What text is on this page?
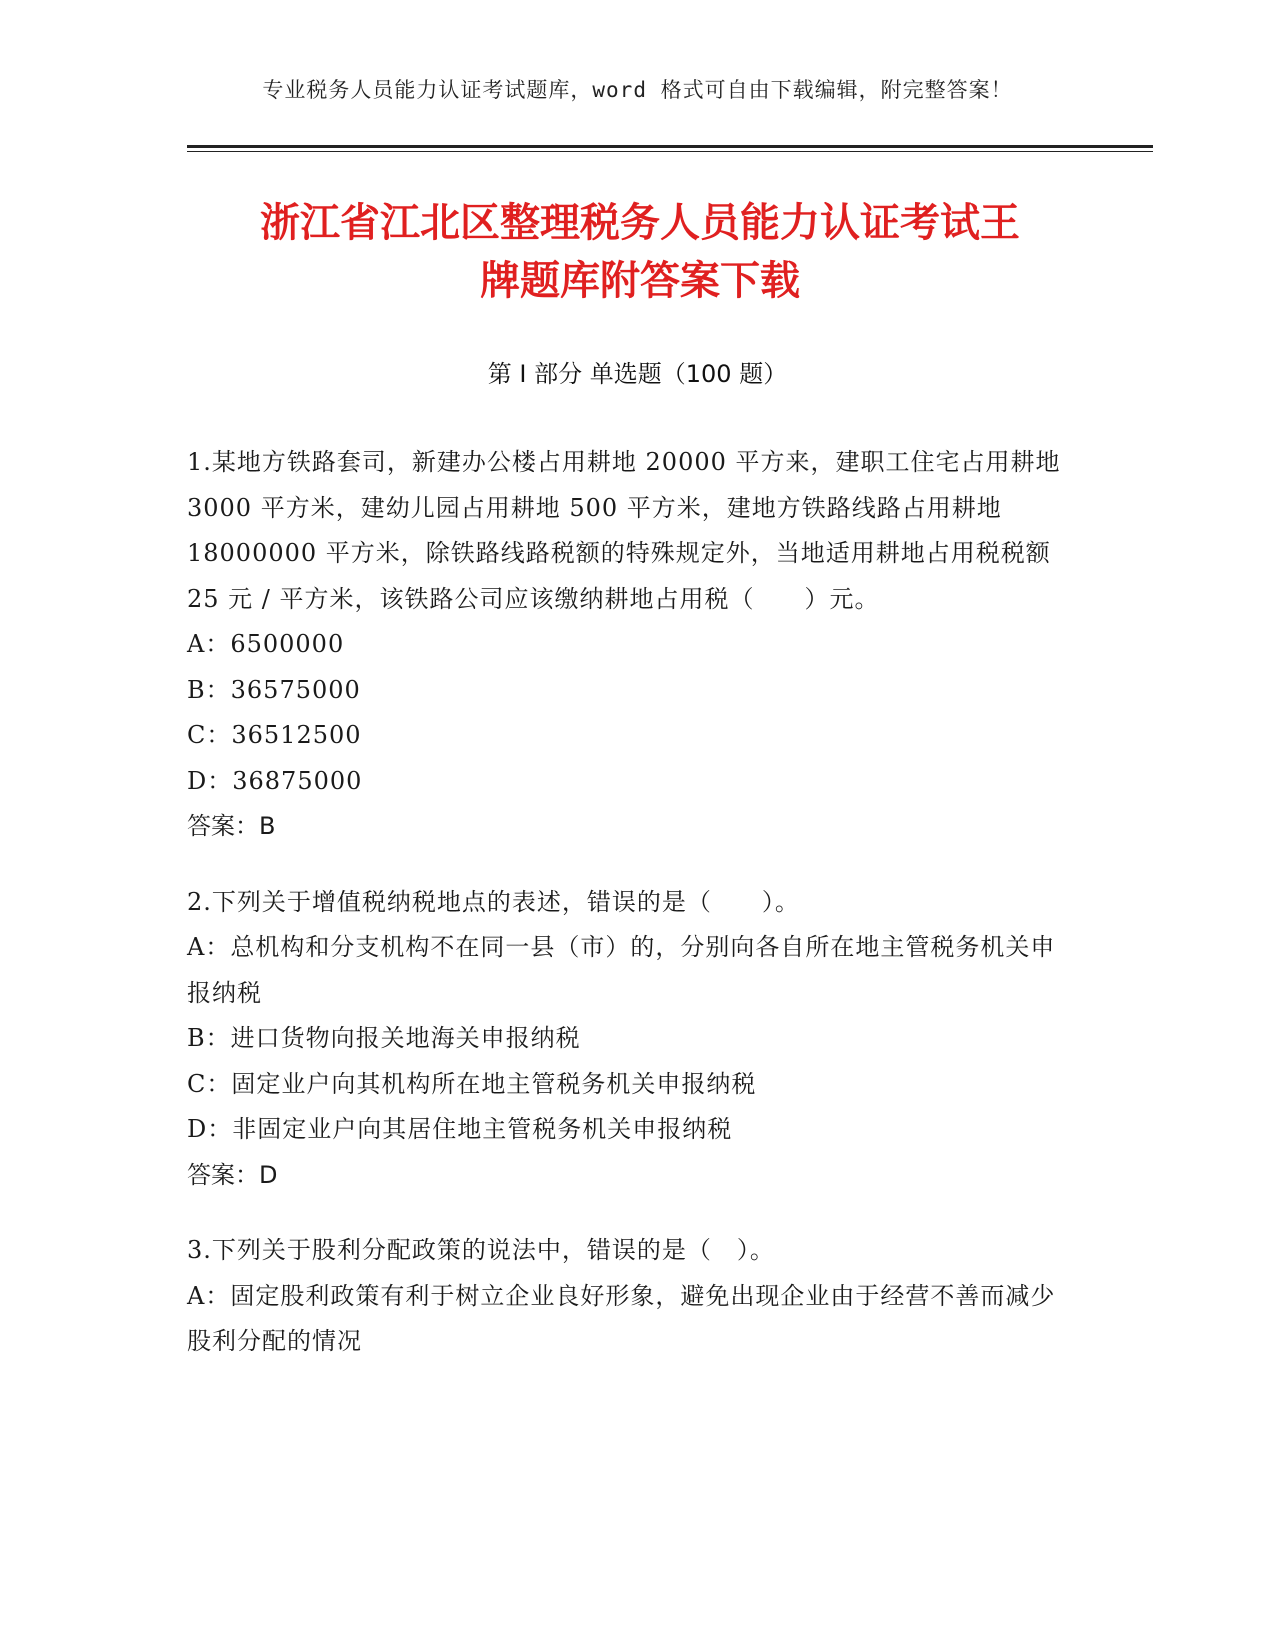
专业税务人员能力认证考试题库，word 格式可自由下载编辑，附完整答案！
浙江省江北区整理税务人员能力认证考试王
牌题库附答案下载
第 I 部分 单选题（100 题）
1.某地方铁路套司，新建办公楼占用耕地 20000 平方来，建职工住宅占用耕地 3000 平方米，建幼儿园占用耕地 500 平方米，建地方铁路线路占用耕地 18000000 平方米，除铁路线路税额的特殊规定外，当地适用耕地占用税税额 25 元 / 平方米，该铁路公司应该缴纳耕地占用税（　　）元。
A：6500000
B：36575000
C：36512500
D：36875000
答案：B
2.下列关于增值税纳税地点的表述，错误的是（　　）。
A：总机构和分支机构不在同一县（市）的，分别向各自所在地主管税务机关申报纳税
B：进口货物向报关地海关申报纳税
C：固定业户向其机构所在地主管税务机关申报纳税
D：非固定业户向其居住地主管税务机关申报纳税
答案：D
3.下列关于股利分配政策的说法中，错误的是（　）。
A：固定股利政策有利于树立企业良好形象，避免出现企业由于经营不善而减少股利分配的情况
